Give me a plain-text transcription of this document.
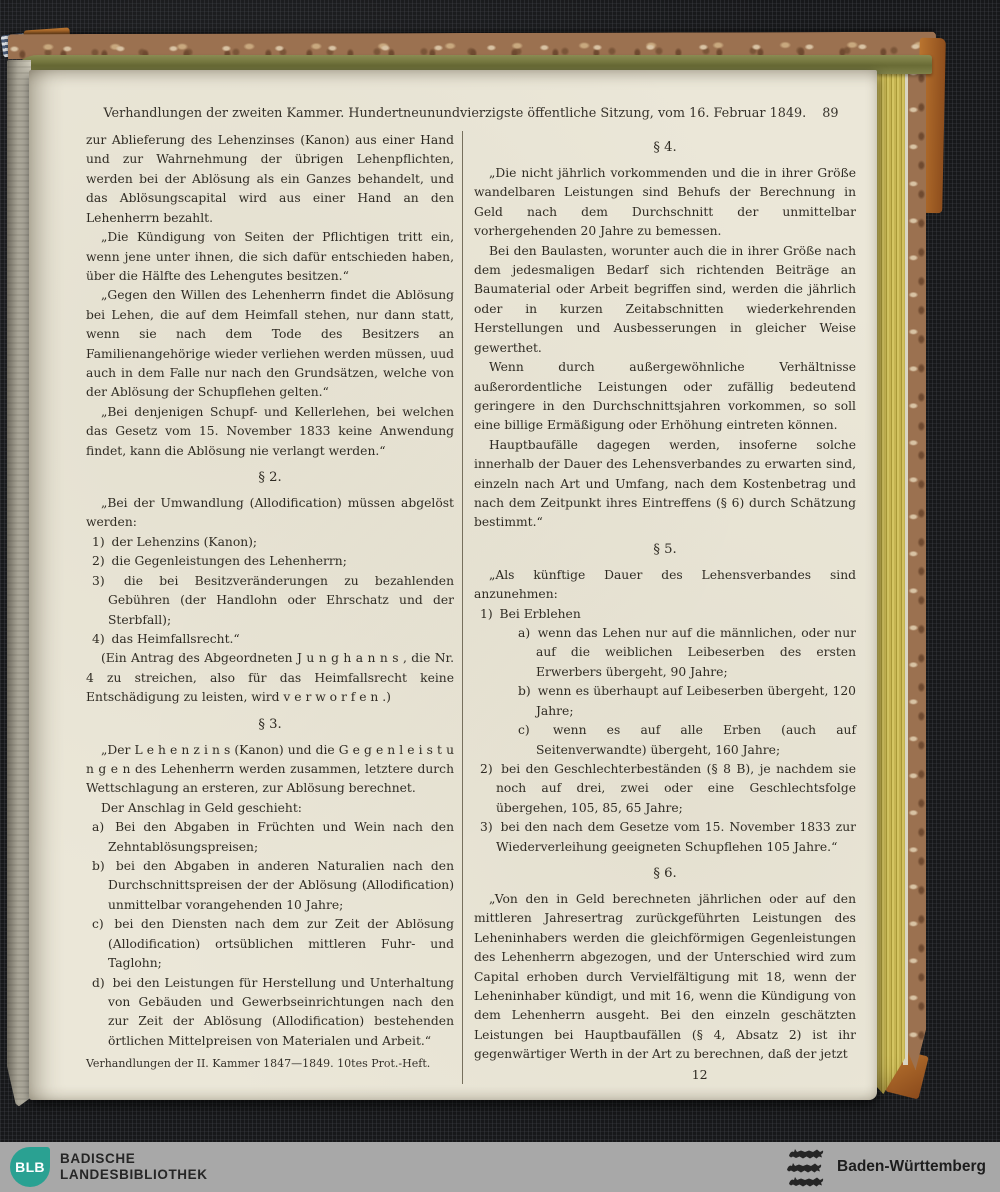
Verhandlungen der zweiten Kammer. Hundertneunundvierzigste öffentliche Sitzung, vom 16. Februar 1849. 89
zur Ablieferung des Lehenzinses (Kanon) aus einer Hand und zur Wahrnehmung der übrigen Lehenpflichten, werden bei der Ablösung als ein Ganzes behandelt, und das Ablösungscapital wird aus einer Hand an den Lehenherrn bezahlt.
„Die Kündigung von Seiten der Pflichtigen tritt ein, wenn jene unter ihnen, die sich dafür entschieden haben, über die Hälfte des Lehengutes besitzen.“
„Gegen den Willen des Lehenherrn findet die Ablösung bei Lehen, die auf dem Heimfall stehen, nur dann statt, wenn sie nach dem Tode des Besitzers an Familienangehörige wieder verliehen werden müssen, uud auch in dem Falle nur nach den Grundsätzen, welche von der Ablösung der Schupflehen gelten.“
„Bei denjenigen Schupf- und Kellerlehen, bei welchen das Gesetz vom 15. November 1833 keine Anwendung findet, kann die Ablösung nie verlangt werden.“
§ 2.
„Bei der Umwandlung (Allodification) müssen abgelöst werden:
1) der Lehenzins (Kanon);
2) die Gegenleistungen des Lehenherrn;
3) die bei Besitzveränderungen zu bezahlenden Gebühren (der Handlohn oder Ehrschatz und der Sterbfall);
4) das Heimfallsrecht.“
(Ein Antrag des Abgeordneten J u n g h a n n s , die Nr. 4 zu streichen, also für das Heimfallsrecht keine Entschädigung zu leisten, wird v e r w o r f e n .)
§ 3.
„Der L e h e n z i n s (Kanon) und die G e g e n l e i s t u n g e n des Lehenherrn werden zusammen, letztere durch Wettschlagung an ersteren, zur Ablösung berechnet.
Der Anschlag in Geld geschieht:
a) Bei den Abgaben in Früchten und Wein nach den Zehntablösungspreisen;
b) bei den Abgaben in anderen Naturalien nach den Durchschnittspreisen der der Ablösung (Allodification) unmittelbar vorangehenden 10 Jahre;
c) bei den Diensten nach dem zur Zeit der Ablösung (Allodification) ortsüblichen mittleren Fuhr- und Taglohn;
d) bei den Leistungen für Herstellung und Unterhaltung von Gebäuden und Gewerbseinrichtungen nach den zur Zeit der Ablösung (Allodification) bestehenden örtlichen Mittelpreisen von Materialen und Arbeit.“
Verhandlungen der II. Kammer 1847—1849. 10tes Prot.-Heft.
§ 4.
„Die nicht jährlich vorkommenden und die in ihrer Größe wandelbaren Leistungen sind Behufs der Berechnung in Geld nach dem Durchschnitt der unmittelbar vorhergehenden 20 Jahre zu bemessen.
Bei den Baulasten, worunter auch die in ihrer Größe nach dem jedesmaligen Bedarf sich richtenden Beiträge an Baumaterial oder Arbeit begriffen sind, werden die jährlich oder in kurzen Zeitabschnitten wiederkehrenden Herstellungen und Ausbesserungen in gleicher Weise gewerthet.
Wenn durch außergewöhnliche Verhältnisse außerordentliche Leistungen oder zufällig bedeutend geringere in den Durchschnittsjahren vorkommen, so soll eine billige Ermäßigung oder Erhöhung eintreten können.
Hauptbaufälle dagegen werden, insoferne solche innerhalb der Dauer des Lehensverbandes zu erwarten sind, einzeln nach Art und Umfang, nach dem Kostenbetrag und nach dem Zeitpunkt ihres Eintreffens (§ 6) durch Schätzung bestimmt.“
§ 5.
„Als künftige Dauer des Lehensverbandes sind anzunehmen:
1) Bei Erblehen
a) wenn das Lehen nur auf die männlichen, oder nur auf die weiblichen Leibeserben des ersten Erwerbers übergeht, 90 Jahre;
b) wenn es überhaupt auf Leibeserben übergeht, 120 Jahre;
c) wenn es auf alle Erben (auch auf Seitenverwandte) übergeht, 160 Jahre;
2) bei den Geschlechterbeständen (§ 8 B), je nachdem sie noch auf drei, zwei oder eine Geschlechtsfolge übergehen, 105, 85, 65 Jahre;
3) bei den nach dem Gesetze vom 15. November 1833 zur Wiederverleihung geeigneten Schupflehen 105 Jahre.“
§ 6.
„Von den in Geld berechneten jährlichen oder auf den mittleren Jahresertrag zurückgeführten Leistungen des Leheninhabers werden die gleichförmigen Gegenleistungen des Lehenherrn abgezogen, und der Unterschied wird zum Capital erhoben durch Vervielfältigung mit 18, wenn der Leheninhaber kündigt, und mit 16, wenn die Kündigung von dem Lehenherrn ausgeht. Bei den einzeln geschätzten Leistungen bei Hauptbaufällen (§ 4, Absatz 2) ist ihr gegenwärtiger Werth in der Art zu berechnen, daß der jetzt
12
BLB
BADISCHE
LANDESBIBLIOTHEK	Baden-Württemberg
